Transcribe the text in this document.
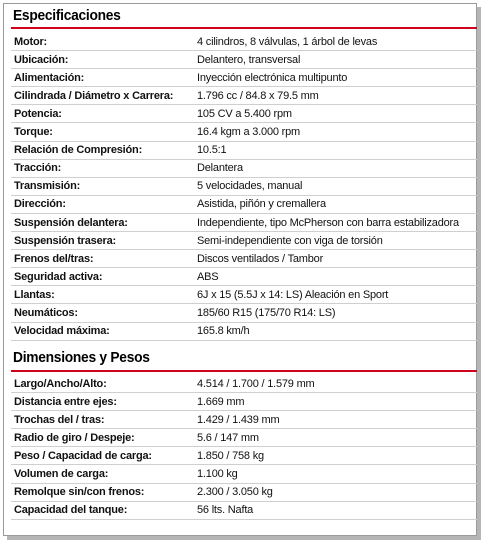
Especificaciones
Motor:	4 cilindros, 8 válvulas, 1 árbol de levas
Ubicación:	Delantero, transversal
Alimentación:	Inyección electrónica multipunto
Cilindrada / Diámetro x Carrera:	1.796 cc / 84.8 x 79.5 mm
Potencia:	105 CV a 5.400 rpm
Torque:	16.4 kgm a 3.000 rpm
Relación de Compresión:	10.5:1
Tracción:	Delantera
Transmisión:	5 velocidades, manual
Dirección:	Asistida, piñón y cremallera
Suspensión delantera:	Independiente, tipo McPherson con barra estabilizadora
Suspensión trasera:	Semi-independiente con viga de torsión
Frenos del/tras:	Discos ventilados / Tambor
Seguridad activa:	ABS
Llantas:	6J x 15 (5.5J x 14: LS) Aleación en Sport
Neumáticos:	185/60 R15 (175/70 R14: LS)
Velocidad máxima:	165.8 km/h
Dimensiones y Pesos
Largo/Ancho/Alto:	4.514 / 1.700 / 1.579 mm
Distancia entre ejes:	1.669 mm
Trochas del / tras:	1.429 / 1.439 mm
Radio de giro / Despeje:	5.6 / 147 mm
Peso / Capacidad de carga:	1.850 / 758 kg
Volumen de carga:	1.100 kg
Remolque sin/con frenos:	2.300 / 3.050 kg
Capacidad del tanque:	56 lts. Nafta
